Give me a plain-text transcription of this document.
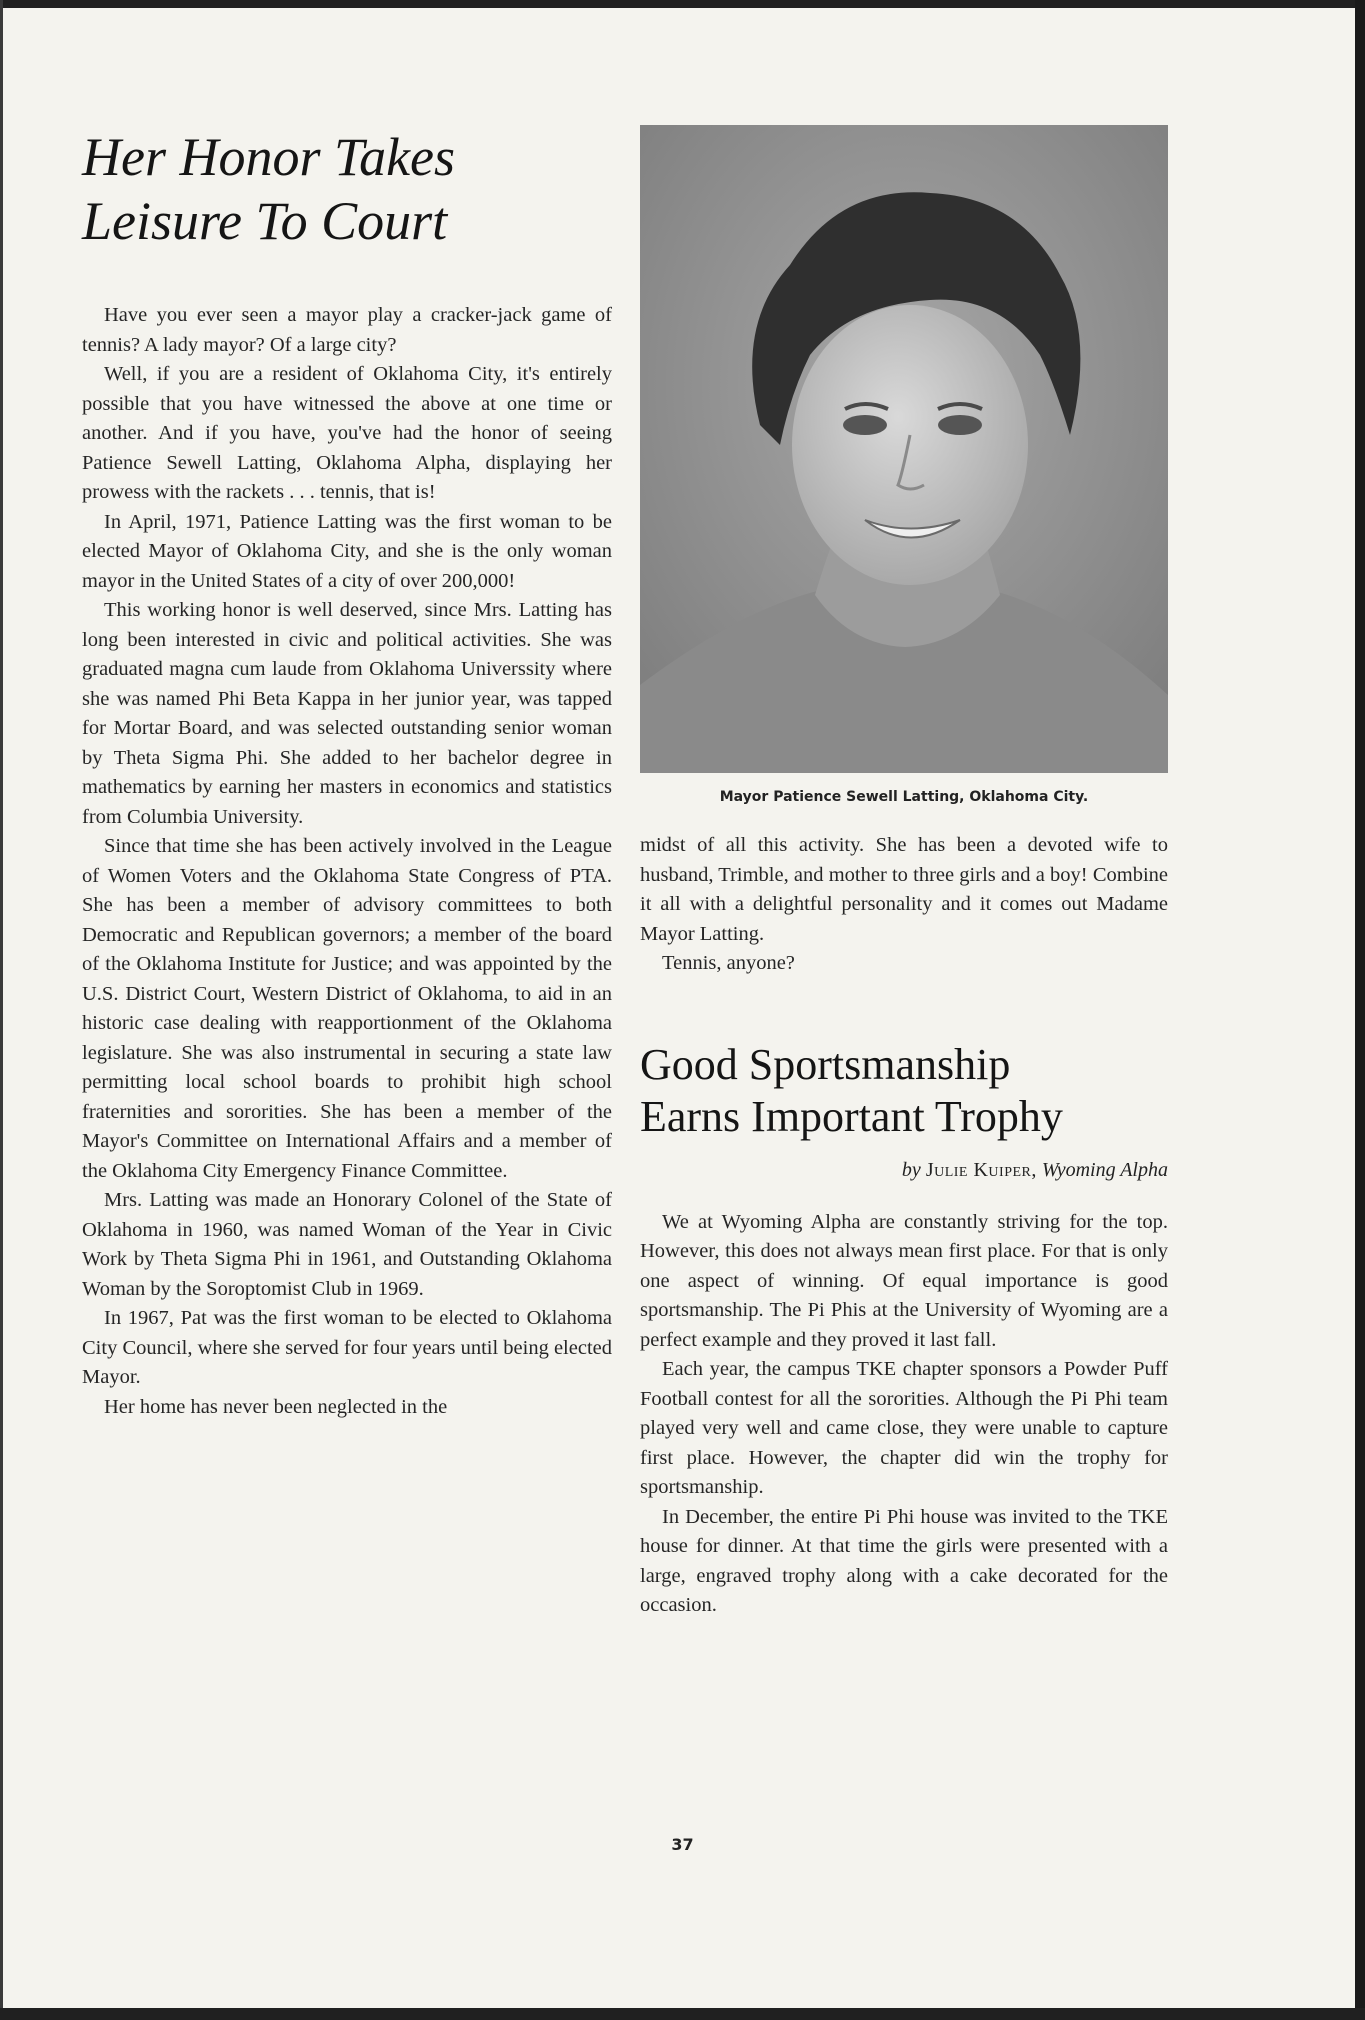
Her Honor Takes
Leisure To Court

Have you ever seen a mayor play a cracker-jack game of tennis? A lady mayor? Of a large city?

Well, if you are a resident of Oklahoma City, it's entirely possible that you have witnessed the above at one time or another. And if you have, you've had the honor of seeing Patience Sewell Latting, Oklahoma Alpha, displaying her prowess with the rackets . . . tennis, that is!

In April, 1971, Patience Latting was the first woman to be elected Mayor of Oklahoma City, and she is the only woman mayor in the United States of a city of over 200,000!

This working honor is well deserved, since Mrs. Latting has long been interested in civic and political activities. She was graduated magna cum laude from Oklahoma Universsity where she was named Phi Beta Kappa in her junior year, was tapped for Mortar Board, and was selected outstanding senior woman by Theta Sigma Phi. She added to her bachelor degree in mathematics by earning her masters in economics and statistics from Columbia University.

Since that time she has been actively involved in the League of Women Voters and the Oklahoma State Congress of PTA. She has been a member of advisory committees to both Democratic and Republican governors; a member of the board of the Oklahoma Institute for Justice; and was appointed by the U.S. District Court, Western District of Oklahoma, to aid in an historic case dealing with reapportionment of the Oklahoma legislature. She was also instrumental in securing a state law permitting local school boards to prohibit high school fraternities and sororities. She has been a member of the Mayor's Committee on International Affairs and a member of the Oklahoma City Emergency Finance Committee.

Mrs. Latting was made an Honorary Colonel of the State of Oklahoma in 1960, was named Woman of the Year in Civic Work by Theta Sigma Phi in 1961, and Outstanding Oklahoma Woman by the Soroptomist Club in 1969.

In 1967, Pat was the first woman to be elected to Oklahoma City Council, where she served for four years until being elected Mayor.

Her home has never been neglected in the

Mayor Patience Sewell Latting, Oklahoma City.

midst of all this activity. She has been a devoted wife to husband, Trimble, and mother to three girls and a boy! Combine it all with a delightful personality and it comes out Madame Mayor Latting.

Tennis, anyone?

Good Sportsmanship
Earns Important Trophy
by Julie Kuiper, Wyoming Alpha

We at Wyoming Alpha are constantly striving for the top. However, this does not always mean first place. For that is only one aspect of winning. Of equal importance is good sportsmanship. The Pi Phis at the University of Wyoming are a perfect example and they proved it last fall.

Each year, the campus TKE chapter sponsors a Powder Puff Football contest for all the sororities. Although the Pi Phi team played very well and came close, they were unable to capture first place. However, the chapter did win the trophy for sportsmanship.

In December, the entire Pi Phi house was invited to the TKE house for dinner. At that time the girls were presented with a large, engraved trophy along with a cake decorated for the occasion.

37
